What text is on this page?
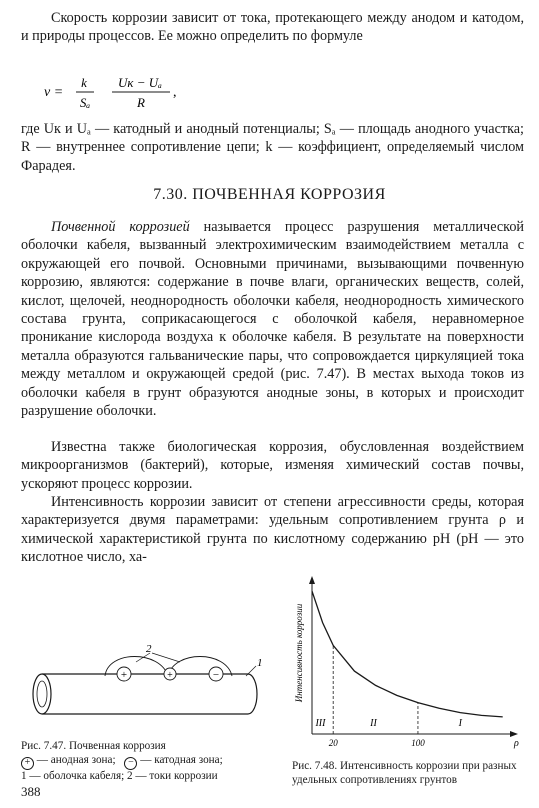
Скорость коррозии зависит от тока, протекающего между анодом и катодом, и природы процессов. Ее можно определить по формуле

v =
k
Sₐ
Uк − Uₐ
R
,

где Uк и Uₐ — катодный и анодный потенциалы; Sₐ — площадь анодного участка; R — внутреннее сопротивление цепи; k — коэффициент, определяемый числом Фарадея.

7.30. ПОЧВЕННАЯ КОРРОЗИЯ

Почвенной коррозией называется процесс разрушения металлической оболочки кабеля, вызванный электрохимическим взаимодействием металла с окружающей его почвой. Основными причинами, вызывающими почвенную коррозию, являются: содержание в почве влаги, органических веществ, солей, кислот, щелочей, неоднородность оболочки кабеля, неоднородность химического состава грунта, соприкасающегося с оболочкой кабеля, неравномерное проникание кислорода воздуха к оболочке кабеля. В результате на поверхности металла образуются гальванические пары, что сопровождается циркуляцией тока между металлом и окружающей средой (рис. 7.47). В местах выхода токов из оболочки кабеля в грунт образуются анодные зоны, в которых и происходит разрушение оболочки.

Известна также биологическая коррозия, обусловленная воздействием микроорганизмов (бактерий), которые, изменяя химический состав почвы, ускоряют процесс коррозии.

Интенсивность коррозии зависит от степени агрессивности среды, которая характеризуется двумя параметрами: удельным сопротивлением грунта ρ и химической характеристикой грунта по кислотному содержанию pH (pH — это кислотное число, ха-

+	−
+
2
1

Рис. 7.47. Почвенная коррозия
+ — анодная зона; − — катодная зона;
1 — оболочка кабеля; 2 — токи коррозии

20	100	ρ
III	II	I
Интенсивность коррозии

Рис. 7.48. Интенсивность коррозии при разных удельных сопротивлениях грунтов

388
